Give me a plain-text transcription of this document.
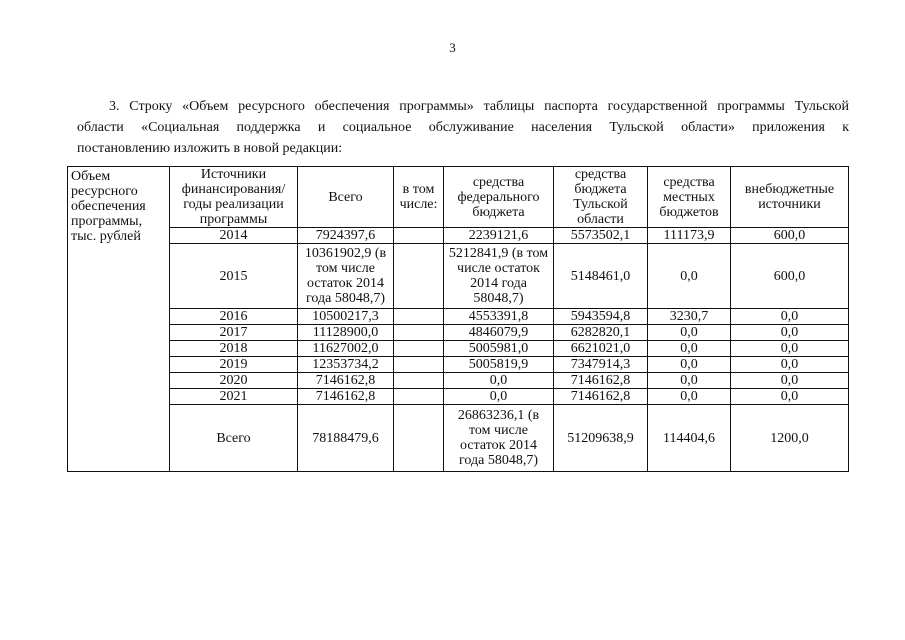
3
3. Строку «Объем ресурсного обеспечения программы» таблицы паспорта государственной программы Тульской
области «Социальная поддержка и социальное обслуживание населения Тульской области» приложения к
постановлению изложить в новой редакции:
Объем ресурсного обеспечения программы, тыс. рублей	Источники финансирования/ годы реализации программы	Всего	в том числе:	средства федерального бюджета	средства бюджета Тульской области	средства местных бюджетов	внебюджетные источники
	2014	7924397,6		2239121,6	5573502,1	111173,9	600,0
	2015	10361902,9 (в том числе остаток 2014 года 58048,7)		5212841,9 (в том числе остаток 2014 года 58048,7)	5148461,0	0,0	600,0
	2016	10500217,3		4553391,8	5943594,8	3230,7	0,0
	2017	11128900,0		4846079,9	6282820,1	0,0	0,0
	2018	11627002,0		5005981,0	6621021,0	0,0	0,0
	2019	12353734,2		5005819,9	7347914,3	0,0	0,0
	2020	7146162,8		0,0	7146162,8	0,0	0,0
	2021	7146162,8		0,0	7146162,8	0,0	0,0
	Всего	78188479,6		26863236,1 (в том числе остаток 2014 года 58048,7)	51209638,9	114404,6	1200,0
